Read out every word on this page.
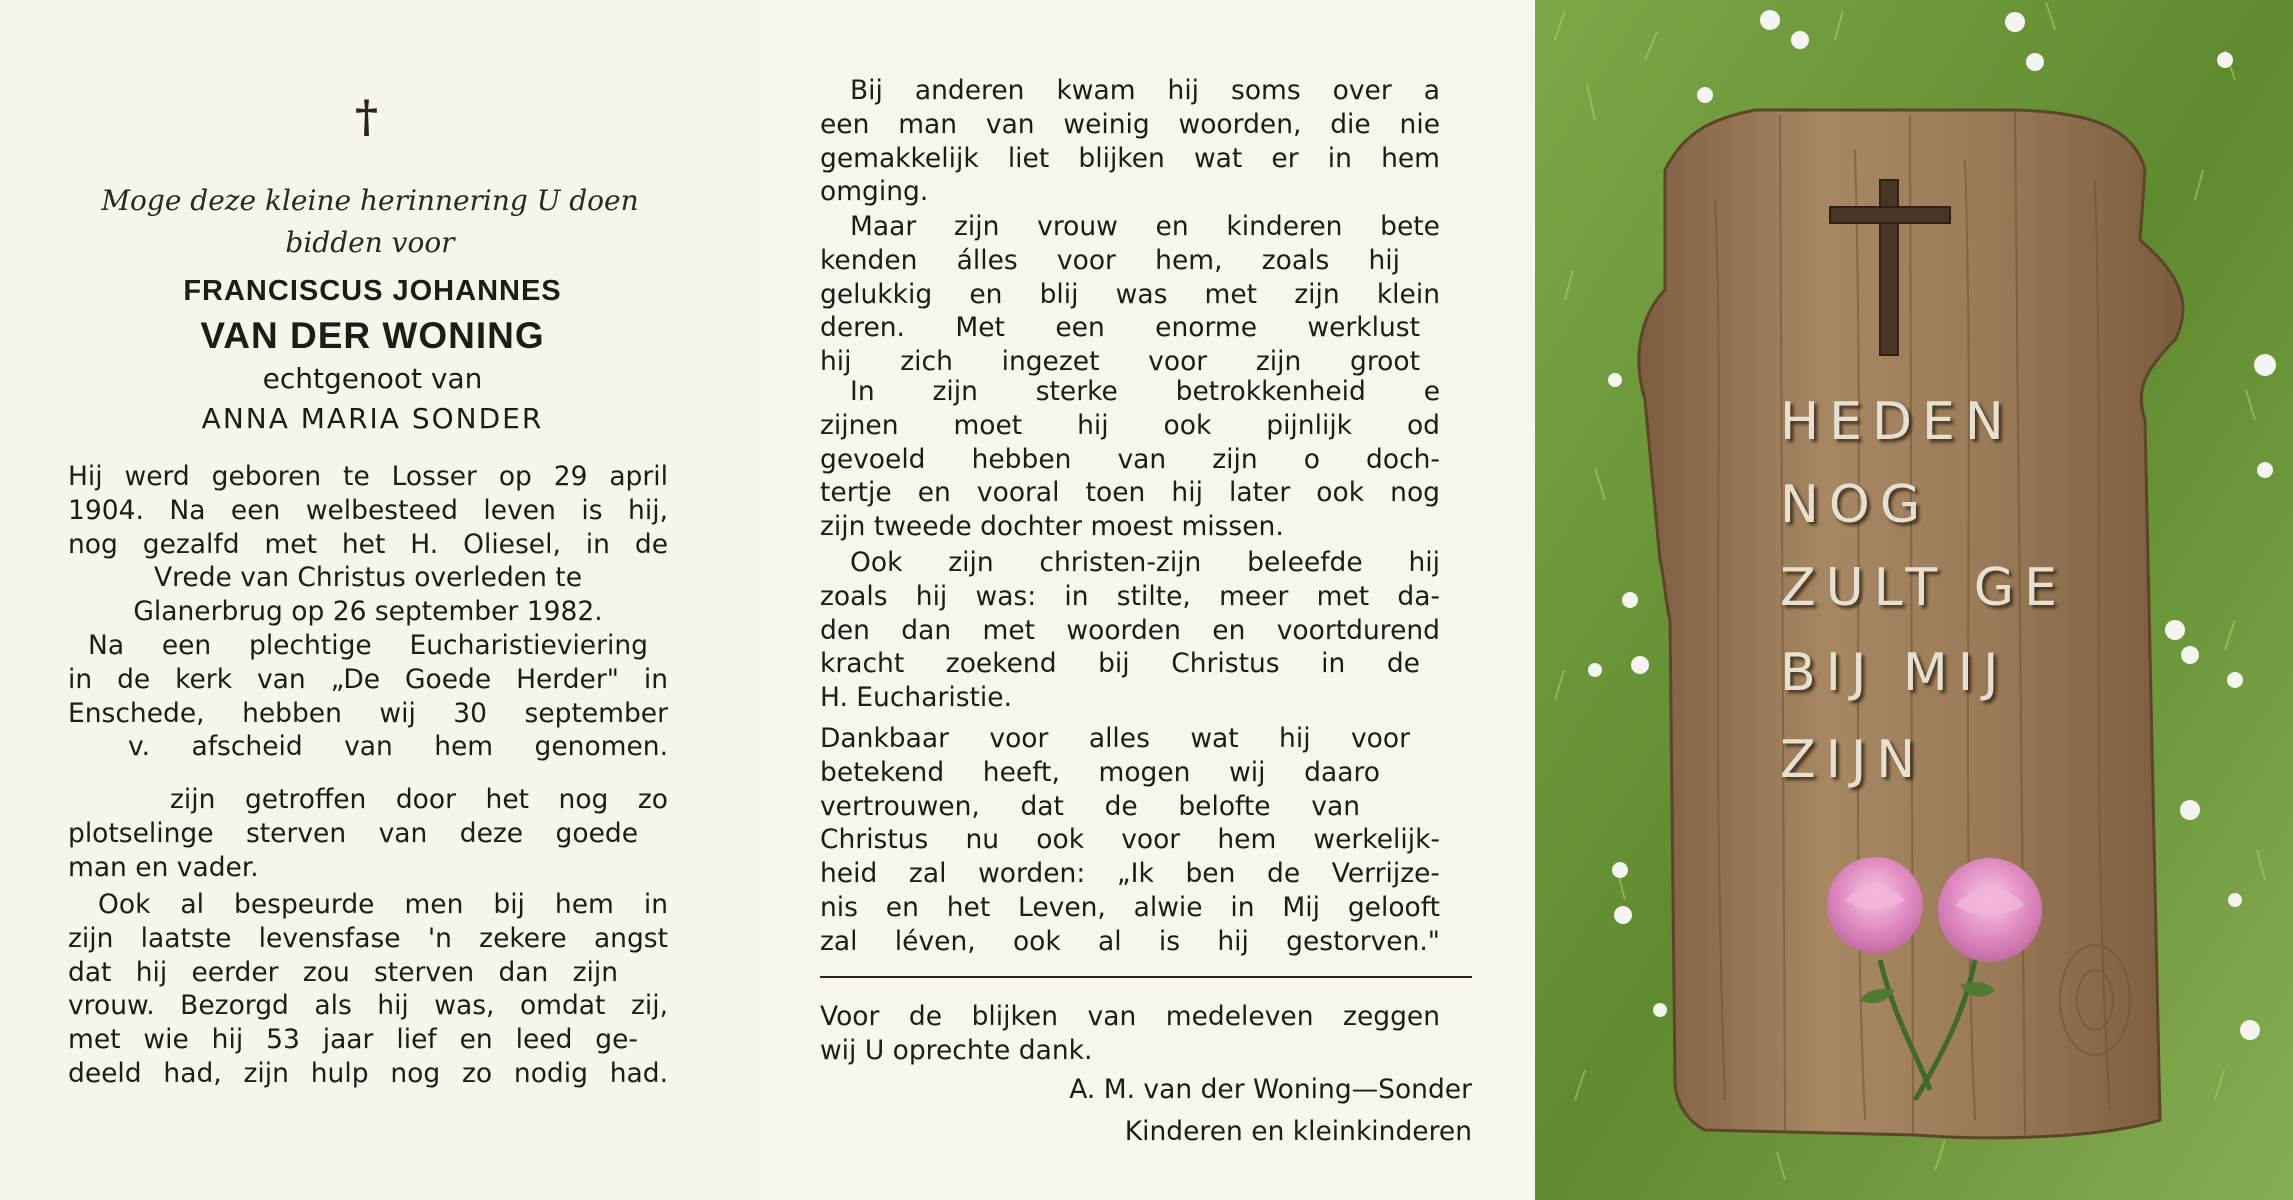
†
Moge deze kleine herinnering U doen
bidden voor
FRANCISCUS JOHANNES
VAN DER WONING
echtgenoot van
ANNA MARIA SONDER
Hij werd geboren te Losser op 29 april
1904. Na een welbesteed leven is hij,
nog gezalfd met het H. Oliesel, in de
Vrede van Christus overleden te
Glanerbrug op 26 september 1982.
Na een plechtige Eucharistieviering
in de kerk van „De Goede Herder" in
Enschede, hebben wij 30 september
v. afscheid van hem genomen.
zijn getroffen door het nog zo
plotselinge sterven van deze goede
man en vader.
Ook al bespeurde men bij hem in
zijn laatste levensfase 'n zekere angst
dat hij eerder zou sterven dan zijn
vrouw. Bezorgd als hij was, omdat zij,
met wie hij 53 jaar lief en leed ge-
deeld had, zijn hulp nog zo nodig had.
Bij anderen kwam hij soms over a
een man van weinig woorden, die nie
gemakkelijk liet blijken wat er in hem
omging.
Maar zijn vrouw en kinderen bete
kenden álles voor hem, zoals hij
gelukkig en blij was met zijn klein
deren. Met een enorme werklust
hij zich ingezet voor zijn groot
In zijn sterke betrokkenheid e
zijnen moet hij ook pijnlijk od
gevoeld hebben van zijn o doch-
tertje en vooral toen hij later ook nog
zijn tweede dochter moest missen.
Ook zijn christen-zijn beleefde hij
zoals hij was: in stilte, meer met da-
den dan met woorden en voortdurend
kracht zoekend bij Christus in de
H. Eucharistie.
Dankbaar voor alles wat hij voor
betekend heeft, mogen wij daaro
vertrouwen, dat de belofte van
Christus nu ook voor hem werkelijk-
heid zal worden: „Ik ben de Verrijze-
nis en het Leven, alwie in Mij gelooft
zal léven, ook al is hij gestorven."
Voor de blijken van medeleven zeggen
wij U oprechte dank.
A. M. van der Woning—Sonder
Kinderen en kleinkinderen
HEDEN
NOG
ZULT GE
BIJ MIJ
ZIJN
